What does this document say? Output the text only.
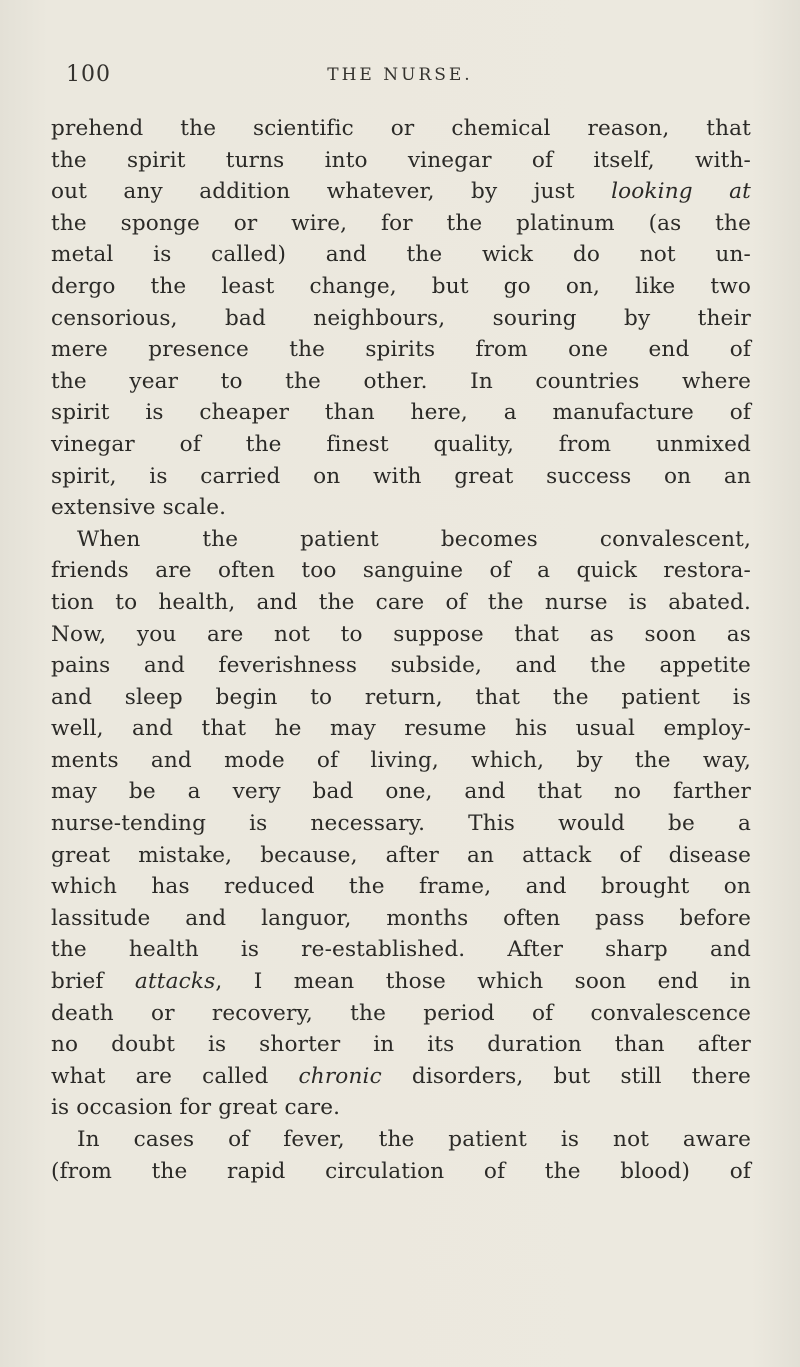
100	THE NURSE.
prehend the scientific or chemical reason, that
the spirit turns into vinegar of itself, with-
out any addition whatever, by just looking at
the sponge or wire, for the platinum (as the
metal is called) and the wick do not un-
dergo the least change, but go on, like two
censorious, bad neighbours, souring by their
mere presence the spirits from one end of
the year to the other. In countries where
spirit is cheaper than here, a manufacture of
vinegar of the finest quality, from unmixed
spirit, is carried on with great success on an
extensive scale.
When the patient becomes convalescent,
friends are often too sanguine of a quick restora-
tion to health, and the care of the nurse is abated.
Now, you are not to suppose that as soon as
pains and feverishness subside, and the appetite
and sleep begin to return, that the patient is
well, and that he may resume his usual employ-
ments and mode of living, which, by the way,
may be a very bad one, and that no farther
nurse-tending is necessary. This would be a
great mistake, because, after an attack of disease
which has reduced the frame, and brought on
lassitude and languor, months often pass before
the health is re-established. After sharp and
brief attacks, I mean those which soon end in
death or recovery, the period of convalescence
no doubt is shorter in its duration than after
what are called chronic disorders, but still there
is occasion for great care.
In cases of fever, the patient is not aware
(from the rapid circulation of the blood) of
